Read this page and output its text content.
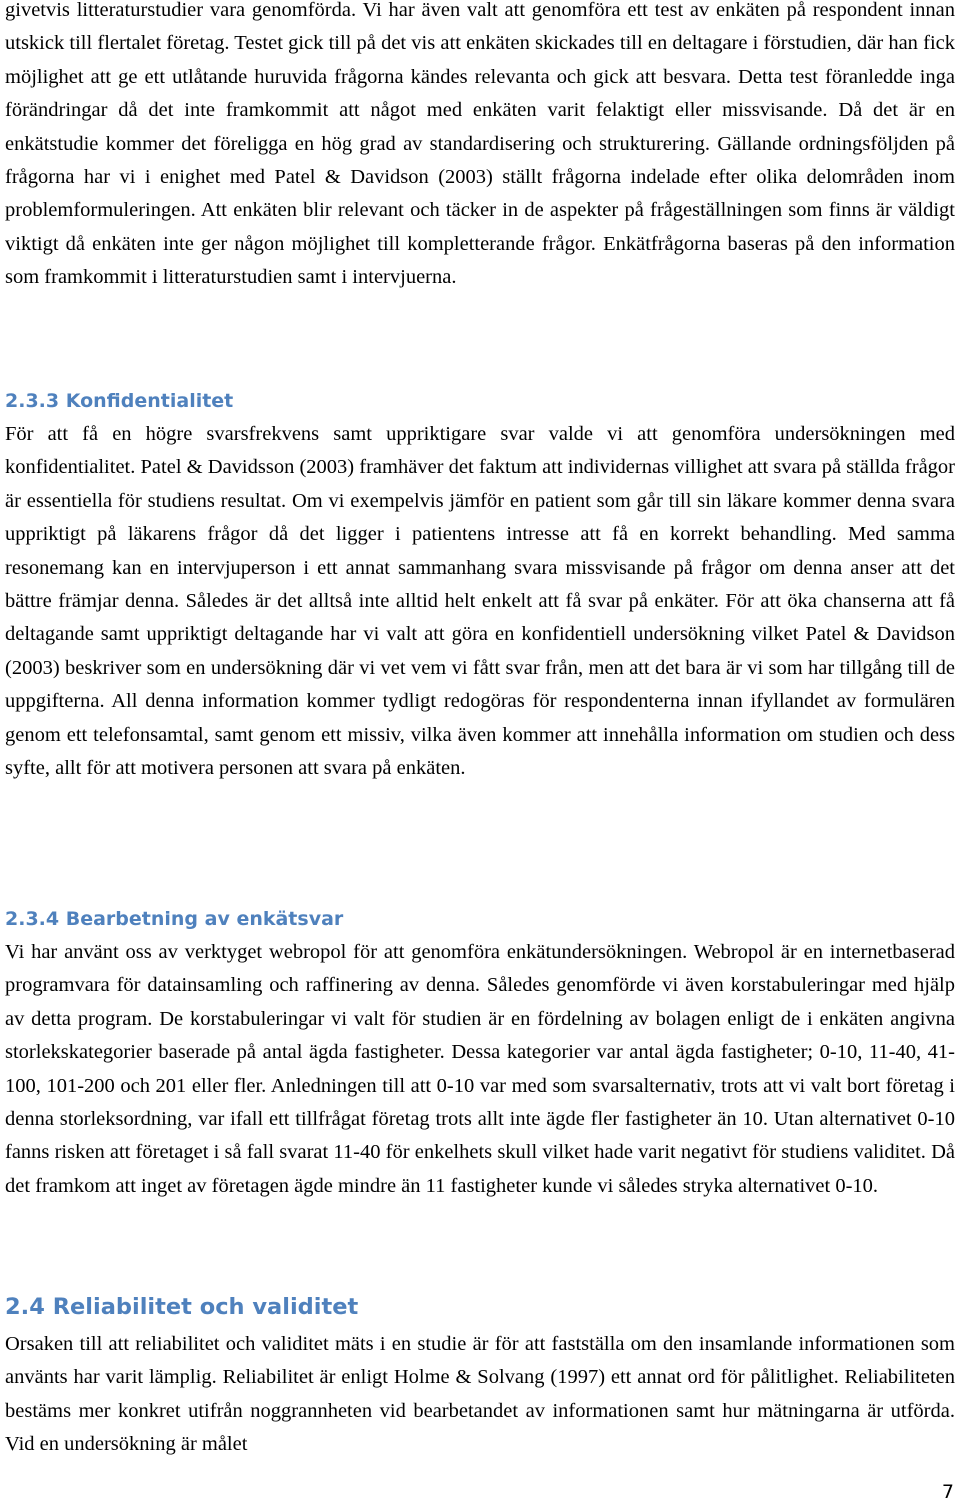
givetvis litteraturstudier vara genomförda. Vi har även valt att genomföra ett test av enkäten på respondent innan utskick till flertalet företag. Testet gick till på det vis att enkäten skickades till en deltagare i förstudien, där han fick möjlighet att ge ett utlåtande huruvida frågorna kändes relevanta och gick att besvara. Detta test föranledde inga förändringar då det inte framkommit att något med enkäten varit felaktigt eller missvisande. Då det är en enkätstudie kommer det föreligga en hög grad av standardisering och strukturering. Gällande ordningsföljden på frågorna har vi i enighet med Patel & Davidson (2003) ställt frågorna indelade efter olika delområden inom problemformuleringen. Att enkäten blir relevant och täcker in de aspekter på frågeställningen som finns är väldigt viktigt då enkäten inte ger någon möjlighet till kompletterande frågor. Enkätfrågorna baseras på den information som framkommit i litteraturstudien samt i intervjuerna.

2.3.3 Konfidentialitet

För att få en högre svarsfrekvens samt uppriktigare svar valde vi att genomföra undersökningen med konfidentialitet. Patel & Davidsson (2003) framhäver det faktum att individernas villighet att svara på ställda frågor är essentiella för studiens resultat. Om vi exempelvis jämför en patient som går till sin läkare kommer denna svara uppriktigt på läkarens frågor då det ligger i patientens intresse att få en korrekt behandling. Med samma resonemang kan en intervjuperson i ett annat sammanhang svara missvisande på frågor om denna anser att det bättre främjar denna. Således är det alltså inte alltid helt enkelt att få svar på enkäter. För att öka chanserna att få deltagande samt uppriktigt deltagande har vi valt att göra en konfidentiell undersökning vilket Patel & Davidson (2003) beskriver som en undersökning där vi vet vem vi fått svar från, men att det bara är vi som har tillgång till de uppgifterna. All denna information kommer tydligt redogöras för respondenterna innan ifyllandet av formulären genom ett telefonsamtal, samt genom ett missiv, vilka även kommer att innehålla information om studien och dess syfte, allt för att motivera personen att svara på enkäten.

2.3.4 Bearbetning av enkätsvar

Vi har använt oss av verktyget webropol för att genomföra enkätundersökningen. Webropol är en internetbaserad programvara för datainsamling och raffinering av denna. Således genomförde vi även korstabuleringar med hjälp av detta program. De korstabuleringar vi valt för studien är en fördelning av bolagen enligt de i enkäten angivna storlekskategorier baserade på antal ägda fastigheter. Dessa kategorier var antal ägda fastigheter; 0-10, 11-40, 41-100, 101-200 och 201 eller fler. Anledningen till att 0-10 var med som svarsalternativ, trots att vi valt bort företag i denna storleksordning, var ifall ett tillfrågat företag trots allt inte ägde fler fastigheter än 10. Utan alternativet 0-10 fanns risken att företaget i så fall svarat 11-40 för enkelhets skull vilket hade varit negativt för studiens validitet. Då det framkom att inget av företagen ägde mindre än 11 fastigheter kunde vi således stryka alternativet 0-10.

2.4 Reliabilitet och validitet

Orsaken till att reliabilitet och validitet mäts i en studie är för att fastställa om den insamlande informationen som använts har varit lämplig. Reliabilitet är enligt Holme & Solvang (1997) ett annat ord för pålitlighet. Reliabiliteten bestäms mer konkret utifrån noggrannheten vid bearbetandet av informationen samt hur mätningarna är utförda. Vid en undersökning är målet

7
